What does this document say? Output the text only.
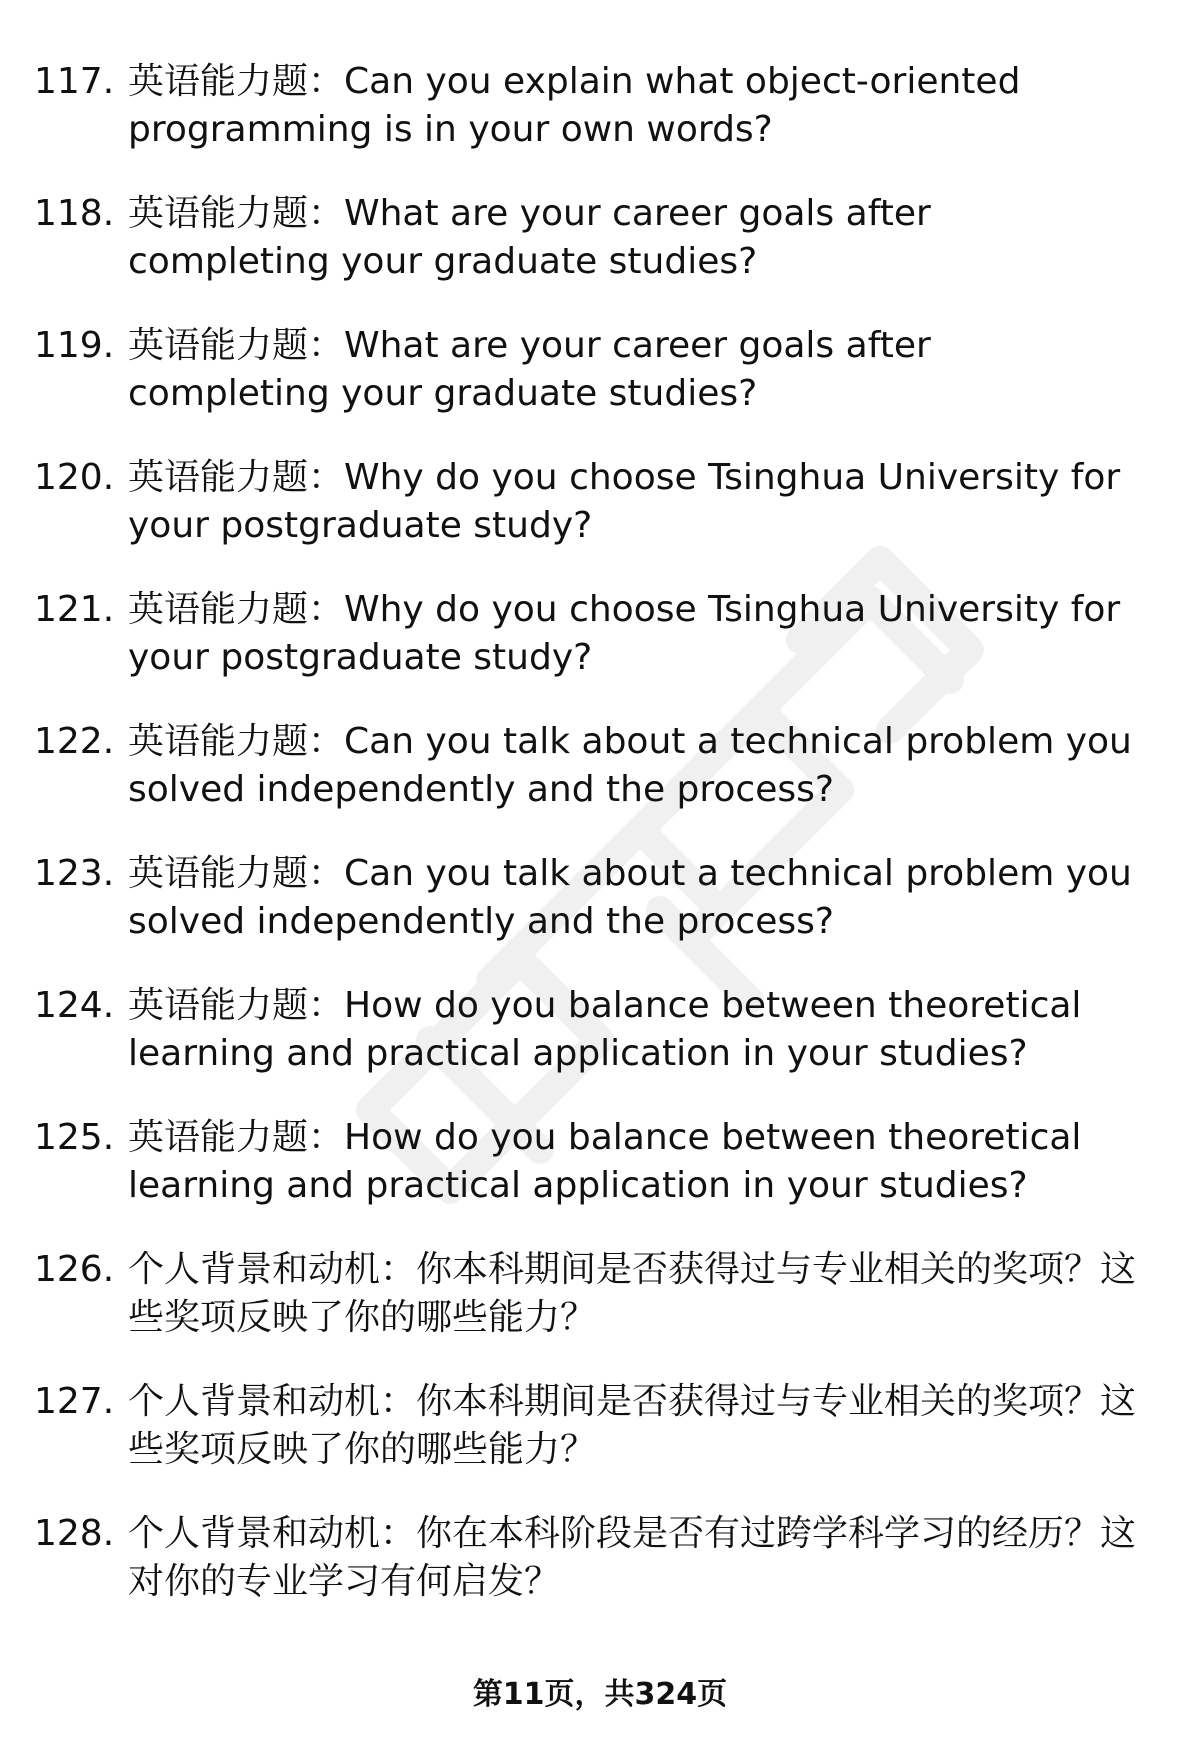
117. 英语能力题：Can you explain what object-oriented programming is in your own words?
118. 英语能力题：What are your career goals after completing your graduate studies?
119. 英语能力题：What are your career goals after completing your graduate studies?
120. 英语能力题：Why do you choose Tsinghua University for your postgraduate study?
121. 英语能力题：Why do you choose Tsinghua University for your postgraduate study?
122. 英语能力题：Can you talk about a technical problem you solved independently and the process?
123. 英语能力题：Can you talk about a technical problem you solved independently and the process?
124. 英语能力题：How do you balance between theoretical learning and practical application in your studies?
125. 英语能力题：How do you balance between theoretical learning and practical application in your studies?
126. 个人背景和动机：你本科期间是否获得过与专业相关的奖项？这些奖项反映了你的哪些能力？
127. 个人背景和动机：你本科期间是否获得过与专业相关的奖项？这些奖项反映了你的哪些能力？
128. 个人背景和动机：你在本科阶段是否有过跨学科学习的经历？这对你的专业学习有何启发？
第11页，共324页
